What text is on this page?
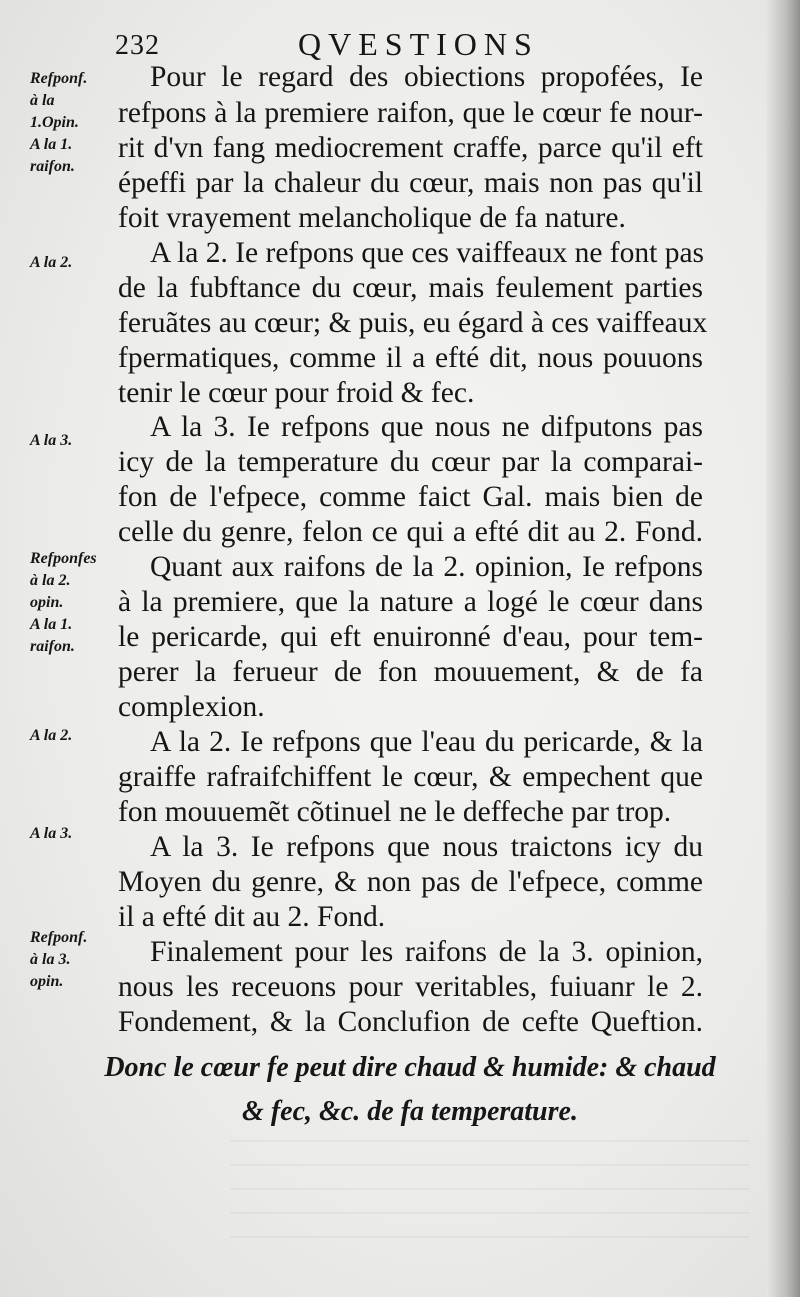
232	QVESTIONS
Refponf.
à la
1.Opin.
A la 1.
raifon.
A la 2.
A la 3.
Refponfes
à la 2.
opin.
A la 1.
raifon.
A la 2.
A la 3.
Refponf.
à la 3.
opin.
Pour le regard des obiections propofées, Ie
refpons à la premiere raifon, que le cœur fe nour-
rit d'vn fang mediocrement craffe, parce qu'il eft
épeffi par la chaleur du cœur, mais non pas qu'il
foit vrayement melancholique de fa nature.
A la 2. Ie refpons que ces vaiffeaux ne font pas
de la fubftance du cœur, mais feulement parties
feruãtes au cœur; & puis, eu égard à ces vaiffeaux
fpermatiques, comme il a efté dit, nous pouuons
tenir le cœur pour froid & fec.
A la 3. Ie refpons que nous ne difputons pas
icy de la temperature du cœur par la comparai-
fon de l'efpece, comme faict Gal. mais bien de
celle du genre, felon ce qui a efté dit au 2. Fond.
Quant aux raifons de la 2. opinion, Ie refpons
à la premiere, que la nature a logé le cœur dans
le pericarde, qui eft enuironné d'eau, pour tem-
perer la ferueur de fon mouuement, & de fa
complexion.
A la 2. Ie refpons que l'eau du pericarde, & la
graiffe rafraifchiffent le cœur, & empechent que
fon mouuemẽt cõtinuel ne le deffeche par trop.
A la 3. Ie refpons que nous traictons icy du
Moyen du genre, & non pas de l'efpece, comme
il a efté dit au 2. Fond.
Finalement pour les raifons de la 3. opinion,
nous les receuons pour veritables, fuiuanr le 2.
Fondement, & la Conclufion de cefte Queftion.
Donc le cœur fe peut dire chaud & humide: & chaud
& fec, &c. de fa temperature.
